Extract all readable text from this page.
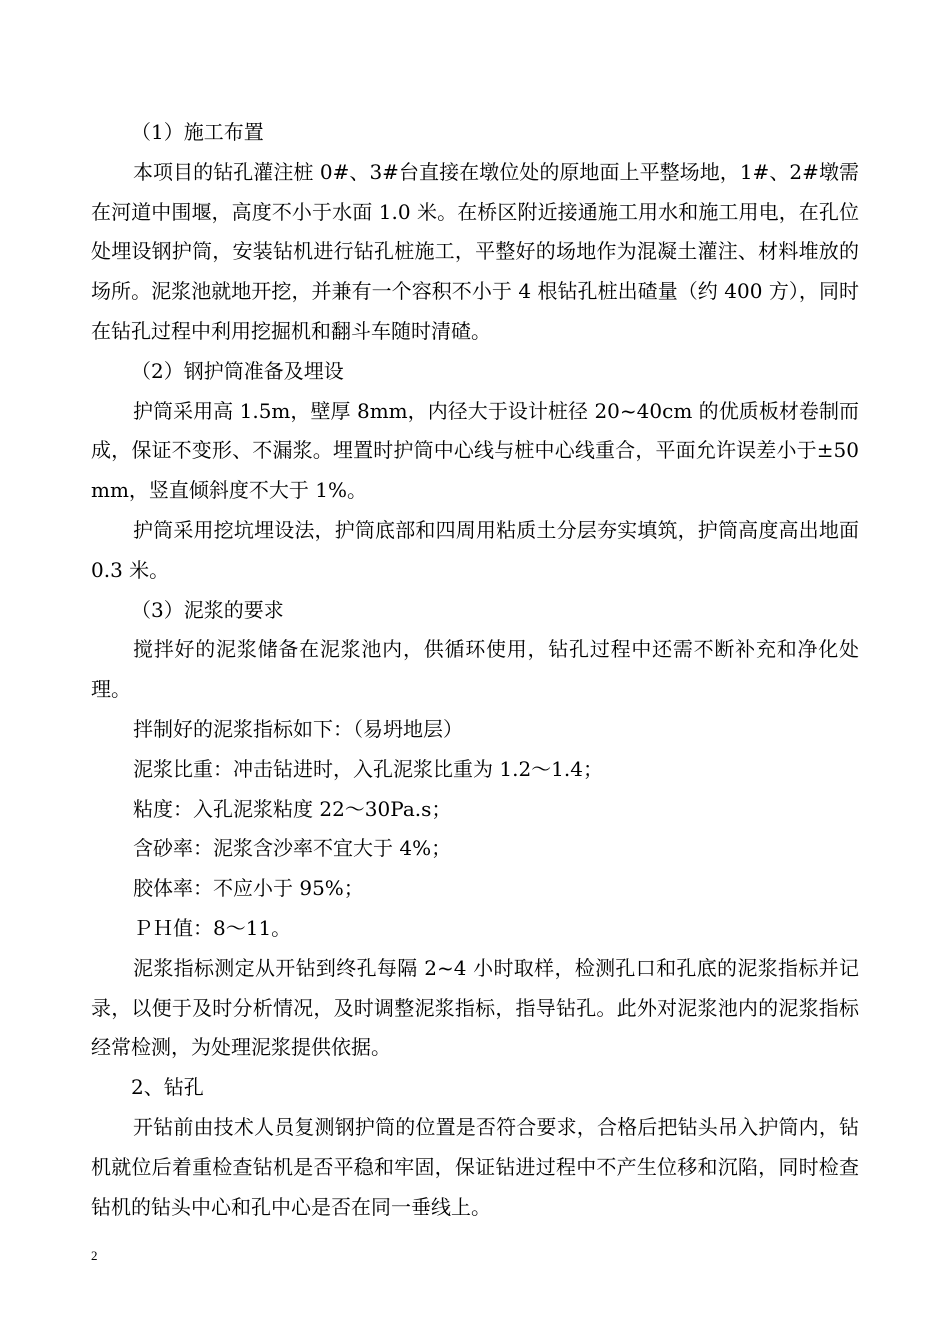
（1）施工布置

本项目的钻孔灌注桩 0#、3#台直接在墩位处的原地面上平整场地，1#、2#墩需在河道中围堰，高度不小于水面 1.0 米。在桥区附近接通施工用水和施工用电，在孔位处埋设钢护筒，安装钻机进行钻孔桩施工，平整好的场地作为混凝土灌注、材料堆放的场所。泥浆池就地开挖，并兼有一个容积不小于 4 根钻孔桩出碴量（约 400 方），同时在钻孔过程中利用挖掘机和翻斗车随时清碴。

（2）钢护筒准备及埋设

护筒采用高 1.5m，壁厚 8mm，内径大于设计桩径 20~40cm 的优质板材卷制而成，保证不变形、不漏浆。埋置时护筒中心线与桩中心线重合，平面允许误差小于±50mm，竖直倾斜度不大于 1%。

护筒采用挖坑埋设法，护筒底部和四周用粘质土分层夯实填筑，护筒高度高出地面 0.3 米。

（3）泥浆的要求

搅拌好的泥浆储备在泥浆池内，供循环使用，钻孔过程中还需不断补充和净化处理。

拌制好的泥浆指标如下：（易坍地层）

泥浆比重：冲击钻进时，入孔泥浆比重为 1.2～1.4；

粘度：入孔泥浆粘度 22～30Pa.s；

含砂率：泥浆含沙率不宜大于 4%；

胶体率：不应小于 95%；

ＰＨ值：8～11。

泥浆指标测定从开钻到终孔每隔 2~4 小时取样，检测孔口和孔底的泥浆指标并记录，以便于及时分析情况，及时调整泥浆指标，指导钻孔。此外对泥浆池内的泥浆指标经常检测，为处理泥浆提供依据。

2、钻孔

开钻前由技术人员复测钢护筒的位置是否符合要求，合格后把钻头吊入护筒内，钻机就位后着重检查钻机是否平稳和牢固，保证钻进过程中不产生位移和沉陷，同时检查钻机的钻头中心和孔中心是否在同一垂线上。

2
